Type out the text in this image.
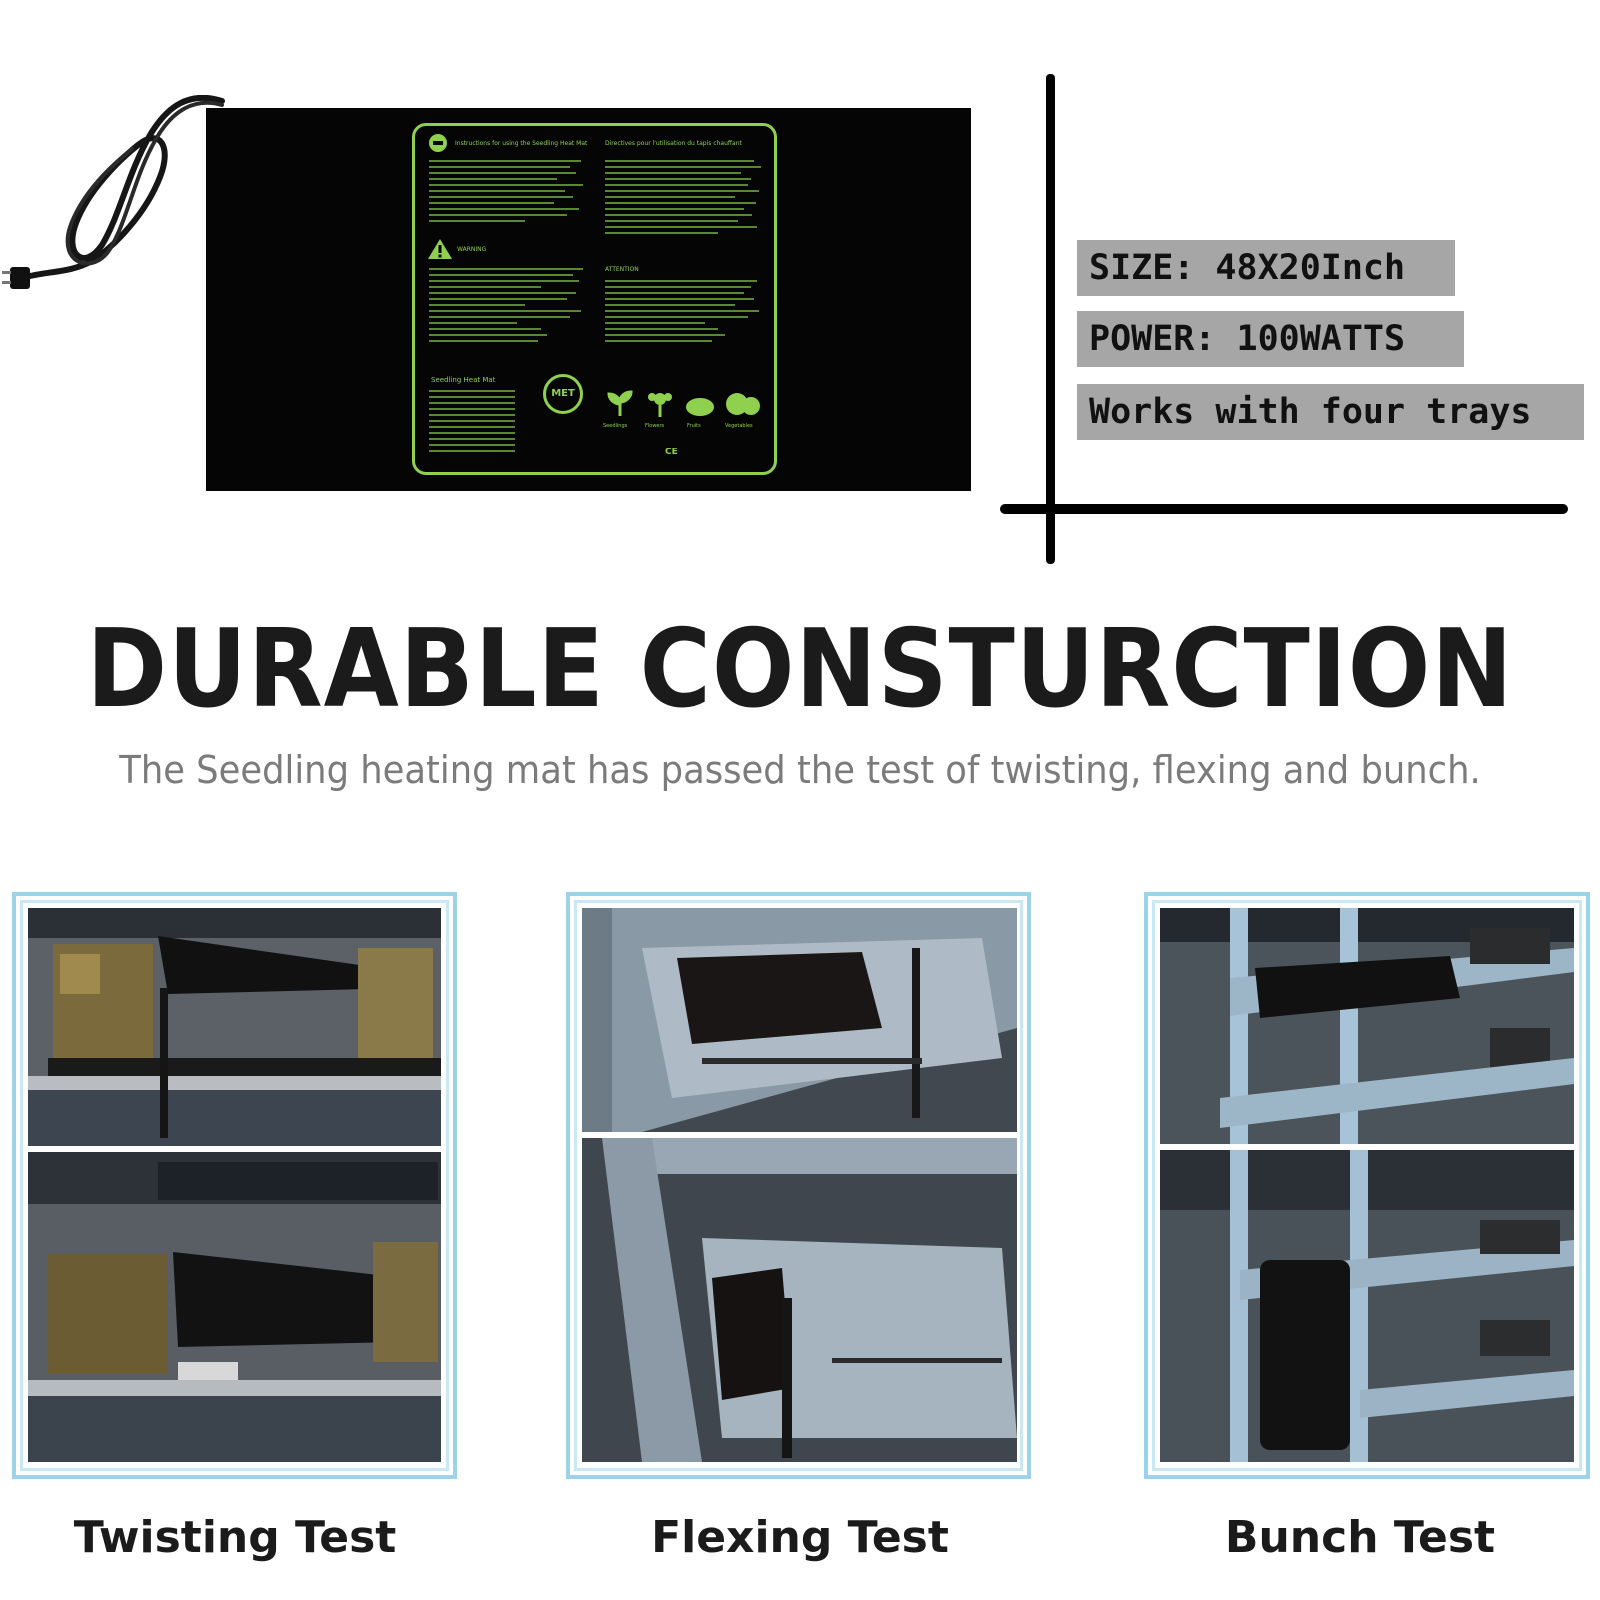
Instructions for using the Seedling Heat Mat	Directives pour l'utilisation du tapis chauffant
WARNING
ATTENTION
Seedling Heat Mat
MET
Seedlings	Flowers	Fruits	Vegetables
CE
SIZE: 48X20Inch
POWER: 100WATTS
Works with four trays
DURABLE CONSTURCTION
The Seedling heating mat has passed the test of twisting, flexing and bunch.
Twisting Test	Flexing Test	Bunch Test
